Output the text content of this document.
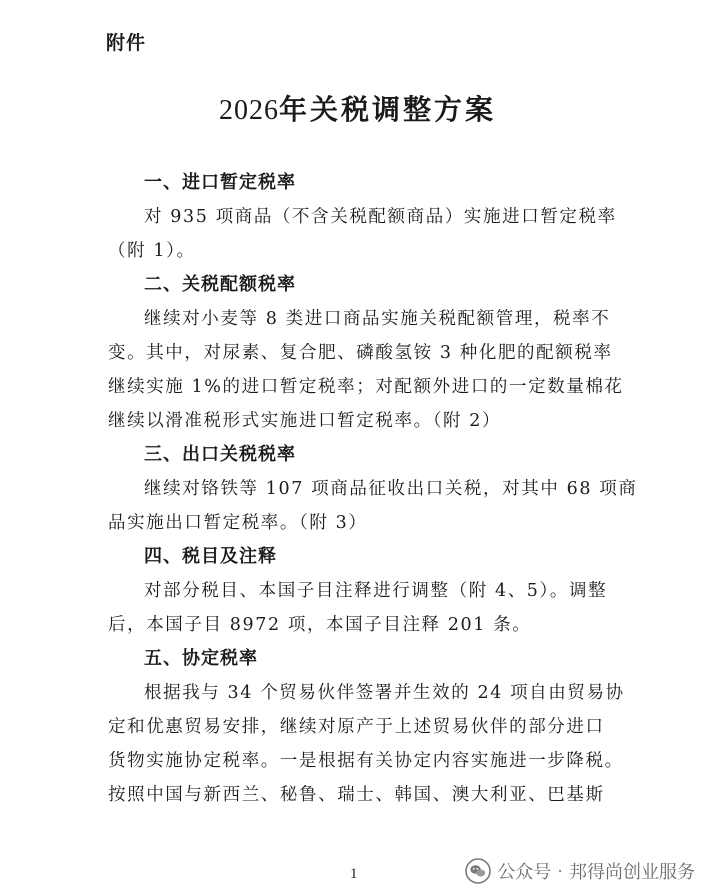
附件
2026年关税调整方案
一、进口暂定税率

对 935 项商品（不含关税配额商品）实施进口暂定税率
（附 1）。

二、关税配额税率

继续对小麦等 8 类进口商品实施关税配额管理，税率不
变。其中，对尿素、复合肥、磷酸氢铵 3 种化肥的配额税率
继续实施 1%的进口暂定税率；对配额外进口的一定数量棉花
继续以滑准税形式实施进口暂定税率。（附 2）

三、出口关税税率

继续对铬铁等 107 项商品征收出口关税，对其中 68 项商
品实施出口暂定税率。（附 3）

四、税目及注释

对部分税目、本国子目注释进行调整（附 4、5）。调整
后，本国子目 8972 项，本国子目注释 201 条。

五、协定税率

根据我与 34 个贸易伙伴签署并生效的 24 项自由贸易协
定和优惠贸易安排，继续对原产于上述贸易伙伴的部分进口
货物实施协定税率。一是根据有关协定内容实施进一步降税。
按照中国与新西兰、秘鲁、瑞士、韩国、澳大利亚、巴基斯

1	公众号 · 邦得尚创业服务
